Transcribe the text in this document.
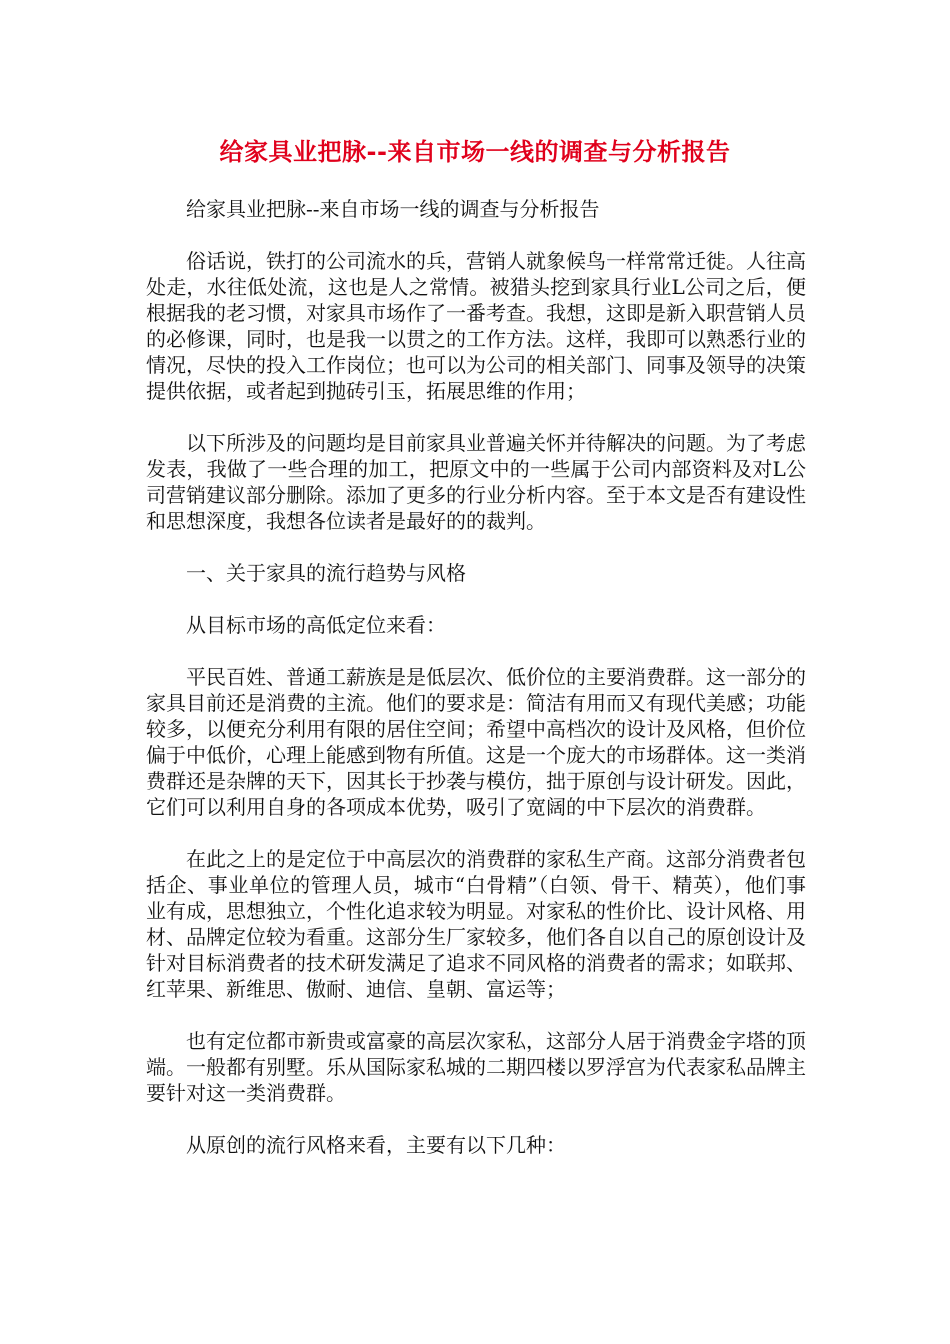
给家具业把脉--来自市场一线的调查与分析报告

给家具业把脉--来自市场一线的调查与分析报告

俗话说，铁打的公司流水的兵，营销人就象候鸟一样常常迁徙。人往高处走，水往低处流，这也是人之常情。被猎头挖到家具行业L公司之后，便根据我的老习惯，对家具市场作了一番考查。我想，这即是新入职营销人员的必修课，同时，也是我一以贯之的工作方法。这样，我即可以熟悉行业的情况，尽快的投入工作岗位；也可以为公司的相关部门、同事及领导的决策提供依据，或者起到抛砖引玉，拓展思维的作用；

以下所涉及的问题均是目前家具业普遍关怀并待解决的问题。为了考虑发表，我做了一些合理的加工，把原文中的一些属于公司内部资料及对L公司营销建议部分删除。添加了更多的行业分析内容。至于本文是否有建设性和思想深度，我想各位读者是最好的的裁判。

一、关于家具的流行趋势与风格

从目标市场的高低定位来看：

平民百姓、普通工薪族是是低层次、低价位的主要消费群。这一部分的家具目前还是消费的主流。他们的要求是：简洁有用而又有现代美感；功能较多，以便充分利用有限的居住空间；希望中高档次的设计及风格，但价位偏于中低价，心理上能感到物有所值。这是一个庞大的市场群体。这一类消费群还是杂牌的天下，因其长于抄袭与模仿，拙于原创与设计研发。因此，它们可以利用自身的各项成本优势，吸引了宽阔的中下层次的消费群。

在此之上的是定位于中高层次的消费群的家私生产商。这部分消费者包括企、事业单位的管理人员，城市“白骨精”（白领、骨干、精英），他们事业有成，思想独立，个性化追求较为明显。对家私的性价比、设计风格、用材、品牌定位较为看重。这部分生厂家较多，他们各自以自己的原创设计及针对目标消费者的技术研发满足了追求不同风格的消费者的需求；如联邦、红苹果、新维思、傲耐、迪信、皇朝、富运等；

也有定位都市新贵或富豪的高层次家私，这部分人居于消费金字塔的顶端。一般都有别墅。乐从国际家私城的二期四楼以罗浮宫为代表家私品牌主要针对这一类消费群。

从原创的流行风格来看，主要有以下几种：
